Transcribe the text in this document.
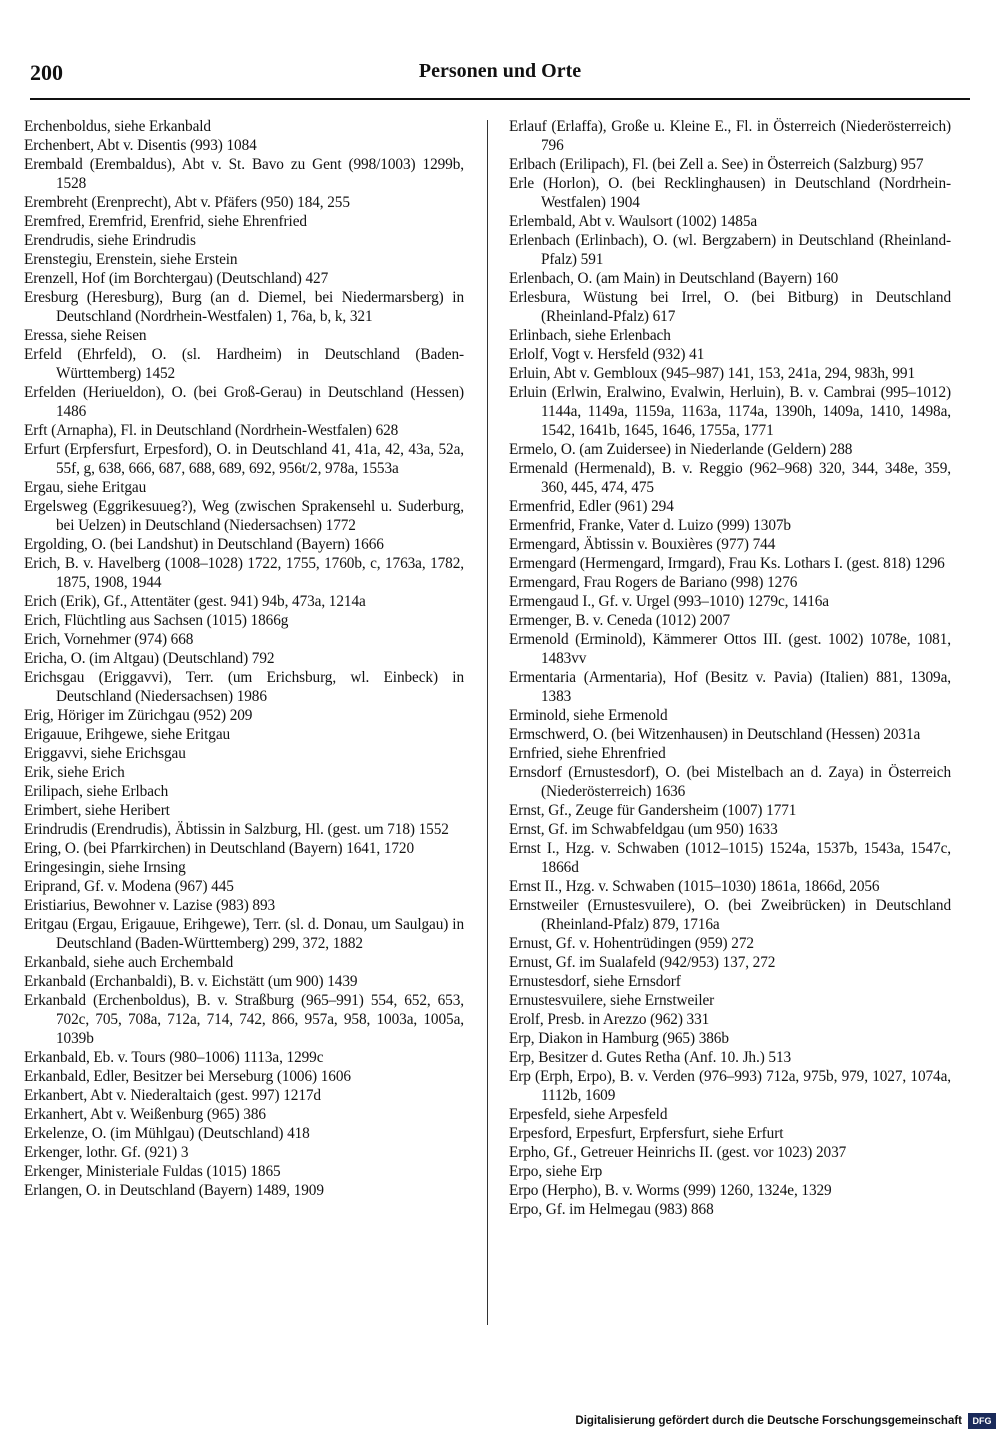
200	Personen und Orte
Erchenboldus, siehe Erkanbald
Erchenbert, Abt v. Disentis (993) 1084
Erembald (Erembaldus), Abt v. St. Bavo zu Gent (998/1003) 1299b, 1528
Erembreht (Erenprecht), Abt v. Pfäfers (950) 184, 255
Eremfred, Eremfrid, Erenfrid, siehe Ehrenfried
Erendrudis, siehe Erindrudis
Erenstegiu, Erenstein, siehe Erstein
Erenzell, Hof (im Borchtergau) (Deutschland) 427
Eresburg (Heresburg), Burg (an d. Diemel, bei Niedermarsberg) in Deutschland (Nordrhein-Westfalen) 1, 76a, b, k, 321
Eressa, siehe Reisen
Erfeld (Ehrfeld), O. (sl. Hardheim) in Deutschland (Baden-Württemberg) 1452
Erfelden (Heriueldon), O. (bei Groß-Gerau) in Deutschland (Hessen) 1486
Erft (Arnapha), Fl. in Deutschland (Nordrhein-Westfalen) 628
Erfurt (Erpfersfurt, Erpesford), O. in Deutschland 41, 41a, 42, 43a, 52a, 55f, g, 638, 666, 687, 688, 689, 692, 956t/2, 978a, 1553a
Ergau, siehe Eritgau
Ergelsweg (Eggrikesuueg?), Weg (zwischen Sprakensehl u. Suderburg, bei Uelzen) in Deutschland (Niedersachsen) 1772
Ergolding, O. (bei Landshut) in Deutschland (Bayern) 1666
Erich, B. v. Havelberg (1008–1028) 1722, 1755, 1760b, c, 1763a, 1782, 1875, 1908, 1944
Erich (Erik), Gf., Attentäter (gest. 941) 94b, 473a, 1214a
Erich, Flüchtling aus Sachsen (1015) 1866g
Erich, Vornehmer (974) 668
Ericha, O. (im Altgau) (Deutschland) 792
Erichsgau (Eriggavvi), Terr. (um Erichsburg, wl. Einbeck) in Deutschland (Niedersachsen) 1986
Erig, Höriger im Zürichgau (952) 209
Erigauue, Erihgewe, siehe Eritgau
Eriggavvi, siehe Erichsgau
Erik, siehe Erich
Erilipach, siehe Erlbach
Erimbert, siehe Heribert
Erindrudis (Erendrudis), Äbtissin in Salzburg, Hl. (gest. um 718) 1552
Ering, O. (bei Pfarrkirchen) in Deutschland (Bayern) 1641, 1720
Eringesingin, siehe Irnsing
Eriprand, Gf. v. Modena (967) 445
Eristiarius, Bewohner v. Lazise (983) 893
Eritgau (Ergau, Erigauue, Erihgewe), Terr. (sl. d. Donau, um Saulgau) in Deutschland (Baden-Württemberg) 299, 372, 1882
Erkanbald, siehe auch Erchembald
Erkanbald (Erchanbaldi), B. v. Eichstätt (um 900) 1439
Erkanbald (Erchenboldus), B. v. Straßburg (965–991) 554, 652, 653, 702c, 705, 708a, 712a, 714, 742, 866, 957a, 958, 1003a, 1005a, 1039b
Erkanbald, Eb. v. Tours (980–1006) 1113a, 1299c
Erkanbald, Edler, Besitzer bei Merseburg (1006) 1606
Erkanbert, Abt v. Niederaltaich (gest. 997) 1217d
Erkanhert, Abt v. Weißenburg (965) 386
Erkelenze, O. (im Mühlgau) (Deutschland) 418
Erkenger, lothr. Gf. (921) 3
Erkenger, Ministeriale Fuldas (1015) 1865
Erlangen, O. in Deutschland (Bayern) 1489, 1909
Erlauf (Erlaffa), Große u. Kleine E., Fl. in Österreich (Niederösterreich) 796
Erlbach (Erilipach), Fl. (bei Zell a. See) in Österreich (Salzburg) 957
Erle (Horlon), O. (bei Recklinghausen) in Deutschland (Nordrhein-Westfalen) 1904
Erlembald, Abt v. Waulsort (1002) 1485a
Erlenbach (Erlinbach), O. (wl. Bergzabern) in Deutschland (Rheinland-Pfalz) 591
Erlenbach, O. (am Main) in Deutschland (Bayern) 160
Erlesbura, Wüstung bei Irrel, O. (bei Bitburg) in Deutschland (Rheinland-Pfalz) 617
Erlinbach, siehe Erlenbach
Erlolf, Vogt v. Hersfeld (932) 41
Erluin, Abt v. Gembloux (945–987) 141, 153, 241a, 294, 983h, 991
Erluin (Erlwin, Eralwino, Evalwin, Herluin), B. v. Cambrai (995–1012) 1144a, 1149a, 1159a, 1163a, 1174a, 1390h, 1409a, 1410, 1498a, 1542, 1641b, 1645, 1646, 1755a, 1771
Ermelo, O. (am Zuidersee) in Niederlande (Geldern) 288
Ermenald (Hermenald), B. v. Reggio (962–968) 320, 344, 348e, 359, 360, 445, 474, 475
Ermenfrid, Edler (961) 294
Ermenfrid, Franke, Vater d. Luizo (999) 1307b
Ermengard, Äbtissin v. Bouxières (977) 744
Ermengard (Hermengard, Irmgard), Frau Ks. Lothars I. (gest. 818) 1296
Ermengard, Frau Rogers de Bariano (998) 1276
Ermengaud I., Gf. v. Urgel (993–1010) 1279c, 1416a
Ermenger, B. v. Ceneda (1012) 2007
Ermenold (Erminold), Kämmerer Ottos III. (gest. 1002) 1078e, 1081, 1483vv
Ermentaria (Armentaria), Hof (Besitz v. Pavia) (Italien) 881, 1309a, 1383
Erminold, siehe Ermenold
Ermschwerd, O. (bei Witzenhausen) in Deutschland (Hessen) 2031a
Ernfried, siehe Ehrenfried
Ernsdorf (Ernustesdorf), O. (bei Mistelbach an d. Zaya) in Österreich (Niederösterreich) 1636
Ernst, Gf., Zeuge für Gandersheim (1007) 1771
Ernst, Gf. im Schwabfeldgau (um 950) 1633
Ernst I., Hzg. v. Schwaben (1012–1015) 1524a, 1537b, 1543a, 1547c, 1866d
Ernst II., Hzg. v. Schwaben (1015–1030) 1861a, 1866d, 2056
Ernstweiler (Ernustesvuilere), O. (bei Zweibrücken) in Deutschland (Rheinland-Pfalz) 879, 1716a
Ernust, Gf. v. Hohentrüdingen (959) 272
Ernust, Gf. im Sualafeld (942/953) 137, 272
Ernustesdorf, siehe Ernsdorf
Ernustesvuilere, siehe Ernstweiler
Erolf, Presb. in Arezzo (962) 331
Erp, Diakon in Hamburg (965) 386b
Erp, Besitzer d. Gutes Retha (Anf. 10. Jh.) 513
Erp (Erph, Erpo), B. v. Verden (976–993) 712a, 975b, 979, 1027, 1074a, 1112b, 1609
Erpesfeld, siehe Arpesfeld
Erpesford, Erpesfurt, Erpfersfurt, siehe Erfurt
Erpho, Gf., Getreuer Heinrichs II. (gest. vor 1023) 2037
Erpo, siehe Erp
Erpo (Herpho), B. v. Worms (999) 1260, 1324e, 1329
Erpo, Gf. im Helmegau (983) 868
Digitalisierung gefördert durch die Deutsche Forschungsgemeinschaft	DFG
